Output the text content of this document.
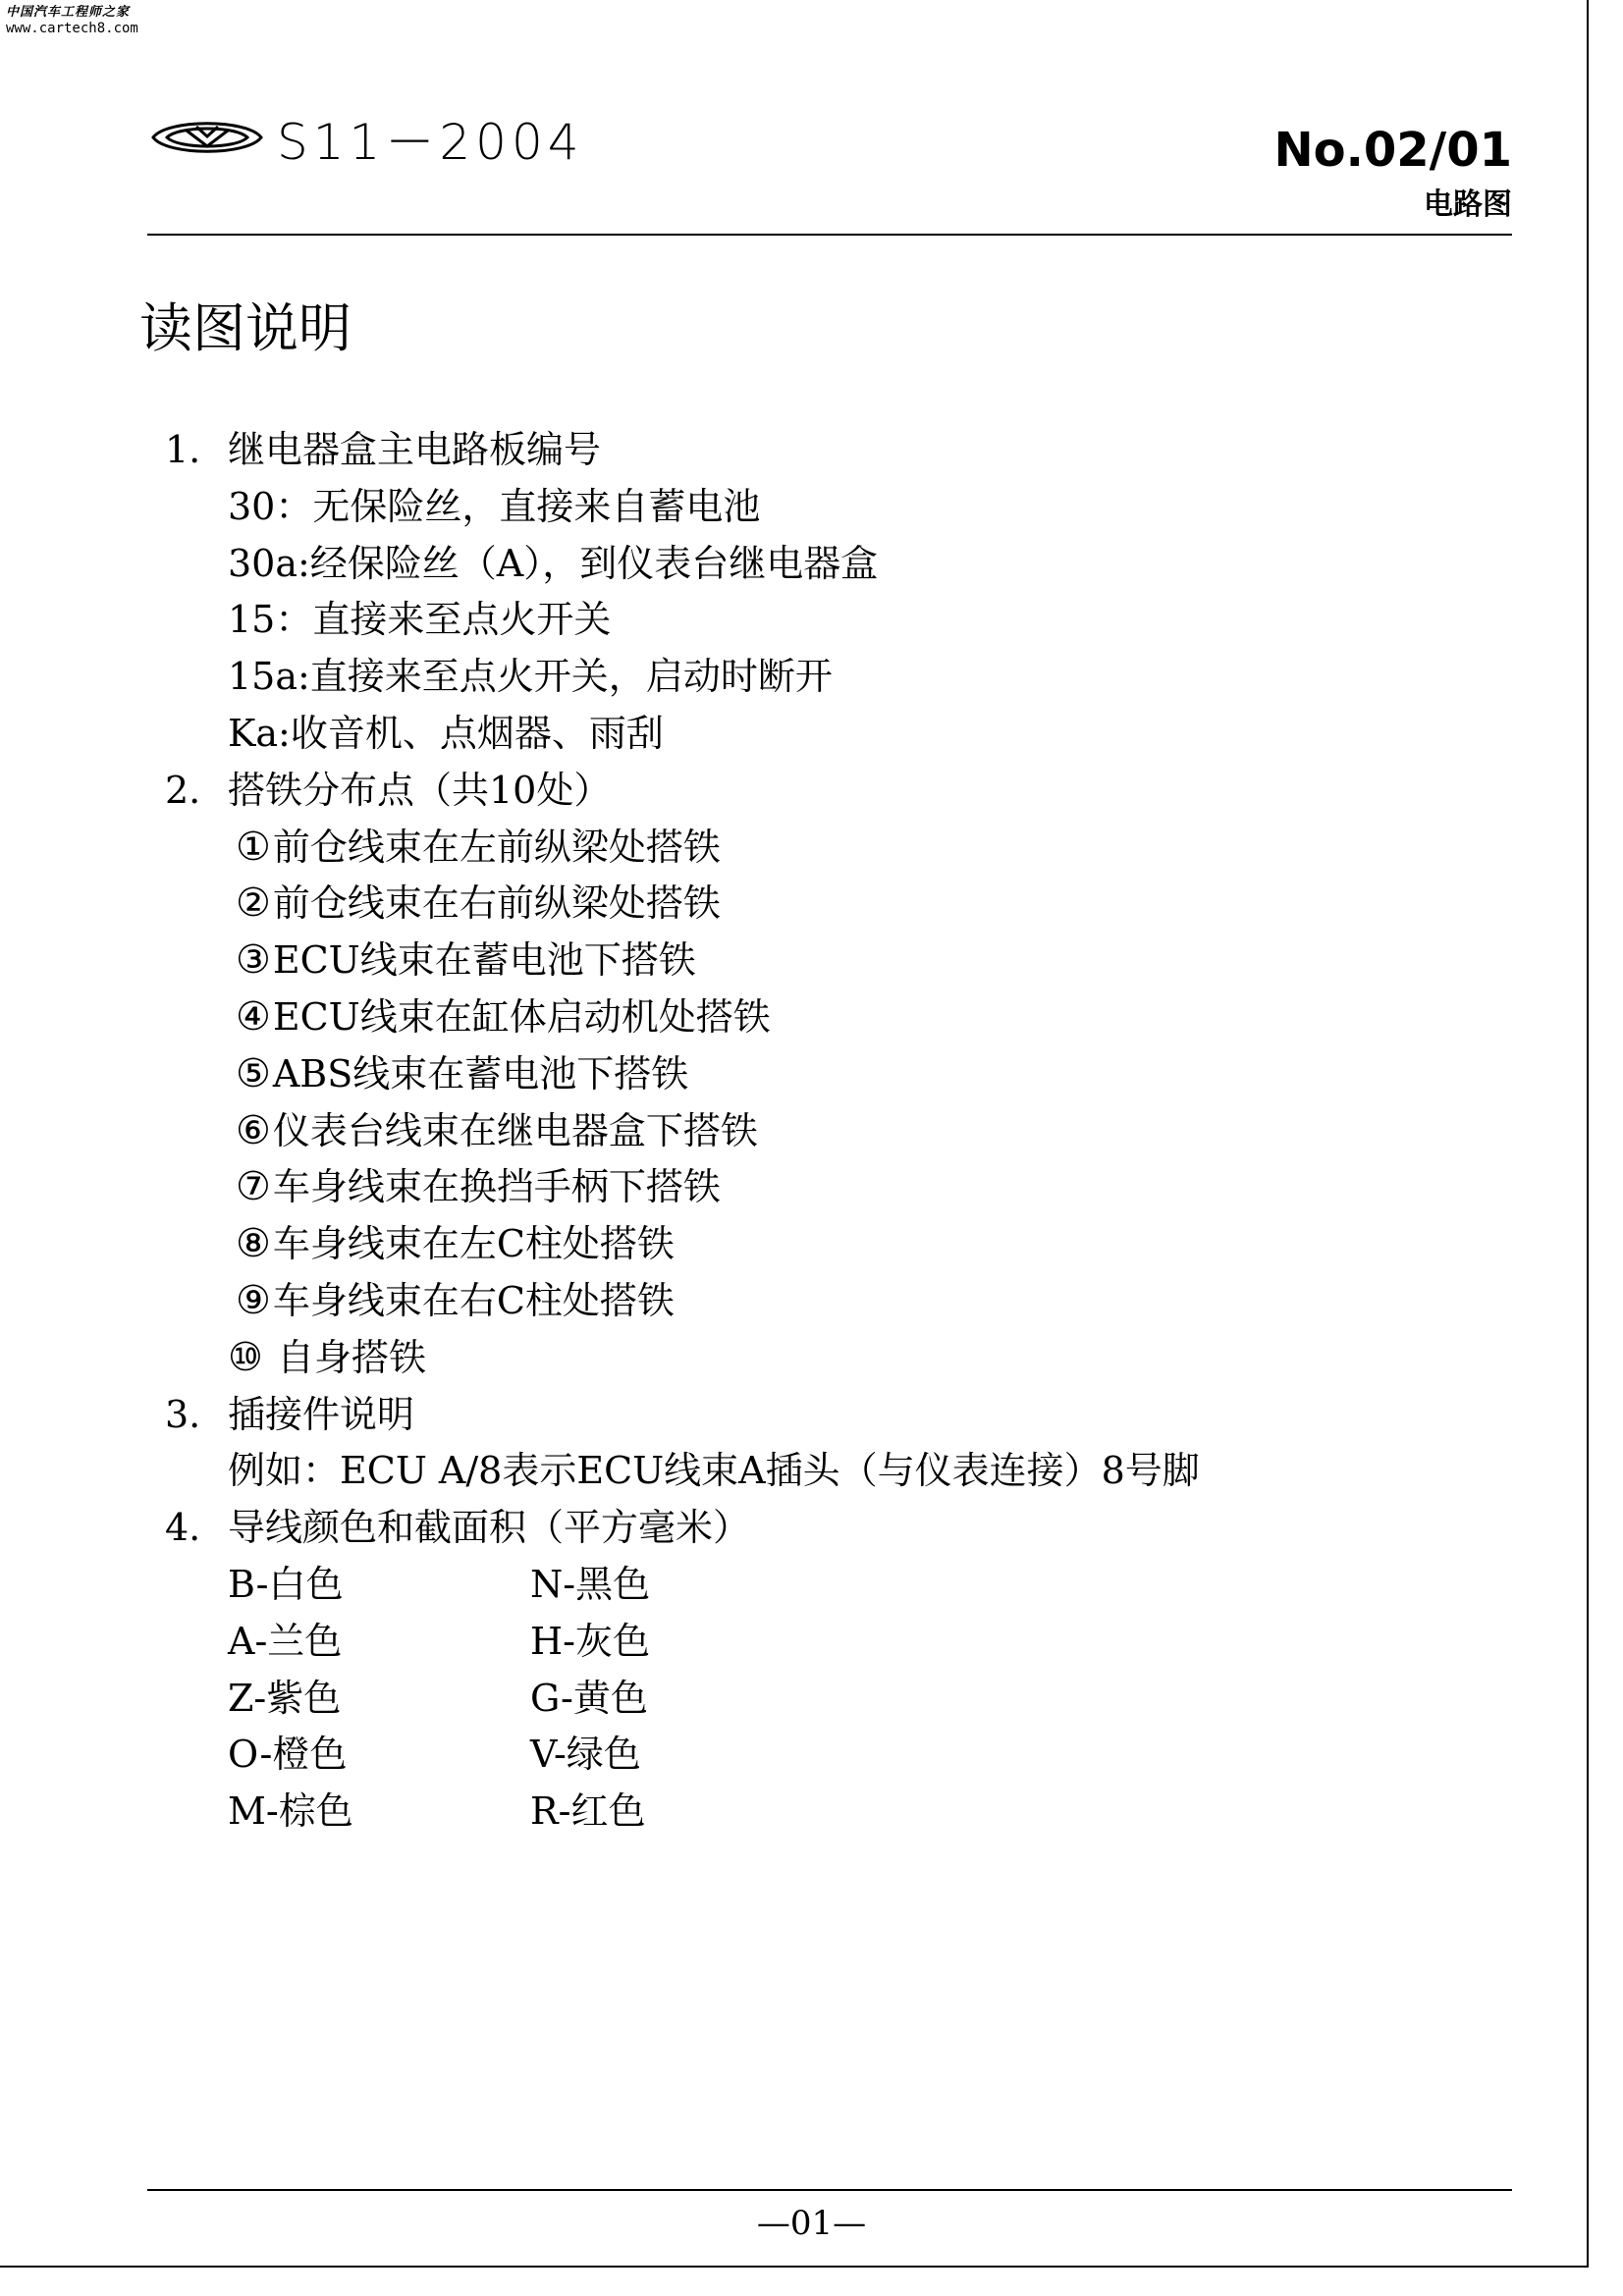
中国汽车工程师之家
www.cartech8.com
S11－2004	No.02/01
电路图
读图说明
1. 继电器盒主电路板编号
30：无保险丝，直接来自蓄电池
30a:经保险丝（A），到仪表台继电器盒
15：直接来至点火开关
15a:直接来至点火开关，启动时断开
Ka:收音机、点烟器、雨刮
2. 搭铁分布点（共10处）
①前仓线束在左前纵梁处搭铁
②前仓线束在右前纵梁处搭铁
③ECU线束在蓄电池下搭铁
④ECU线束在缸体启动机处搭铁
⑤ABS线束在蓄电池下搭铁
⑥仪表台线束在继电器盒下搭铁
⑦车身线束在换挡手柄下搭铁
⑧车身线束在左C柱处搭铁
⑨车身线束在右C柱处搭铁
⑩ 自身搭铁
3. 插接件说明
例如：ECU A/8表示ECU线束A插头（与仪表连接）8号脚
4. 导线颜色和截面积（平方毫米）
B-白色	N-黑色
A-兰色	H-灰色
Z-紫色	G-黄色
O-橙色	V-绿色
M-棕色	R-红色
—01—
